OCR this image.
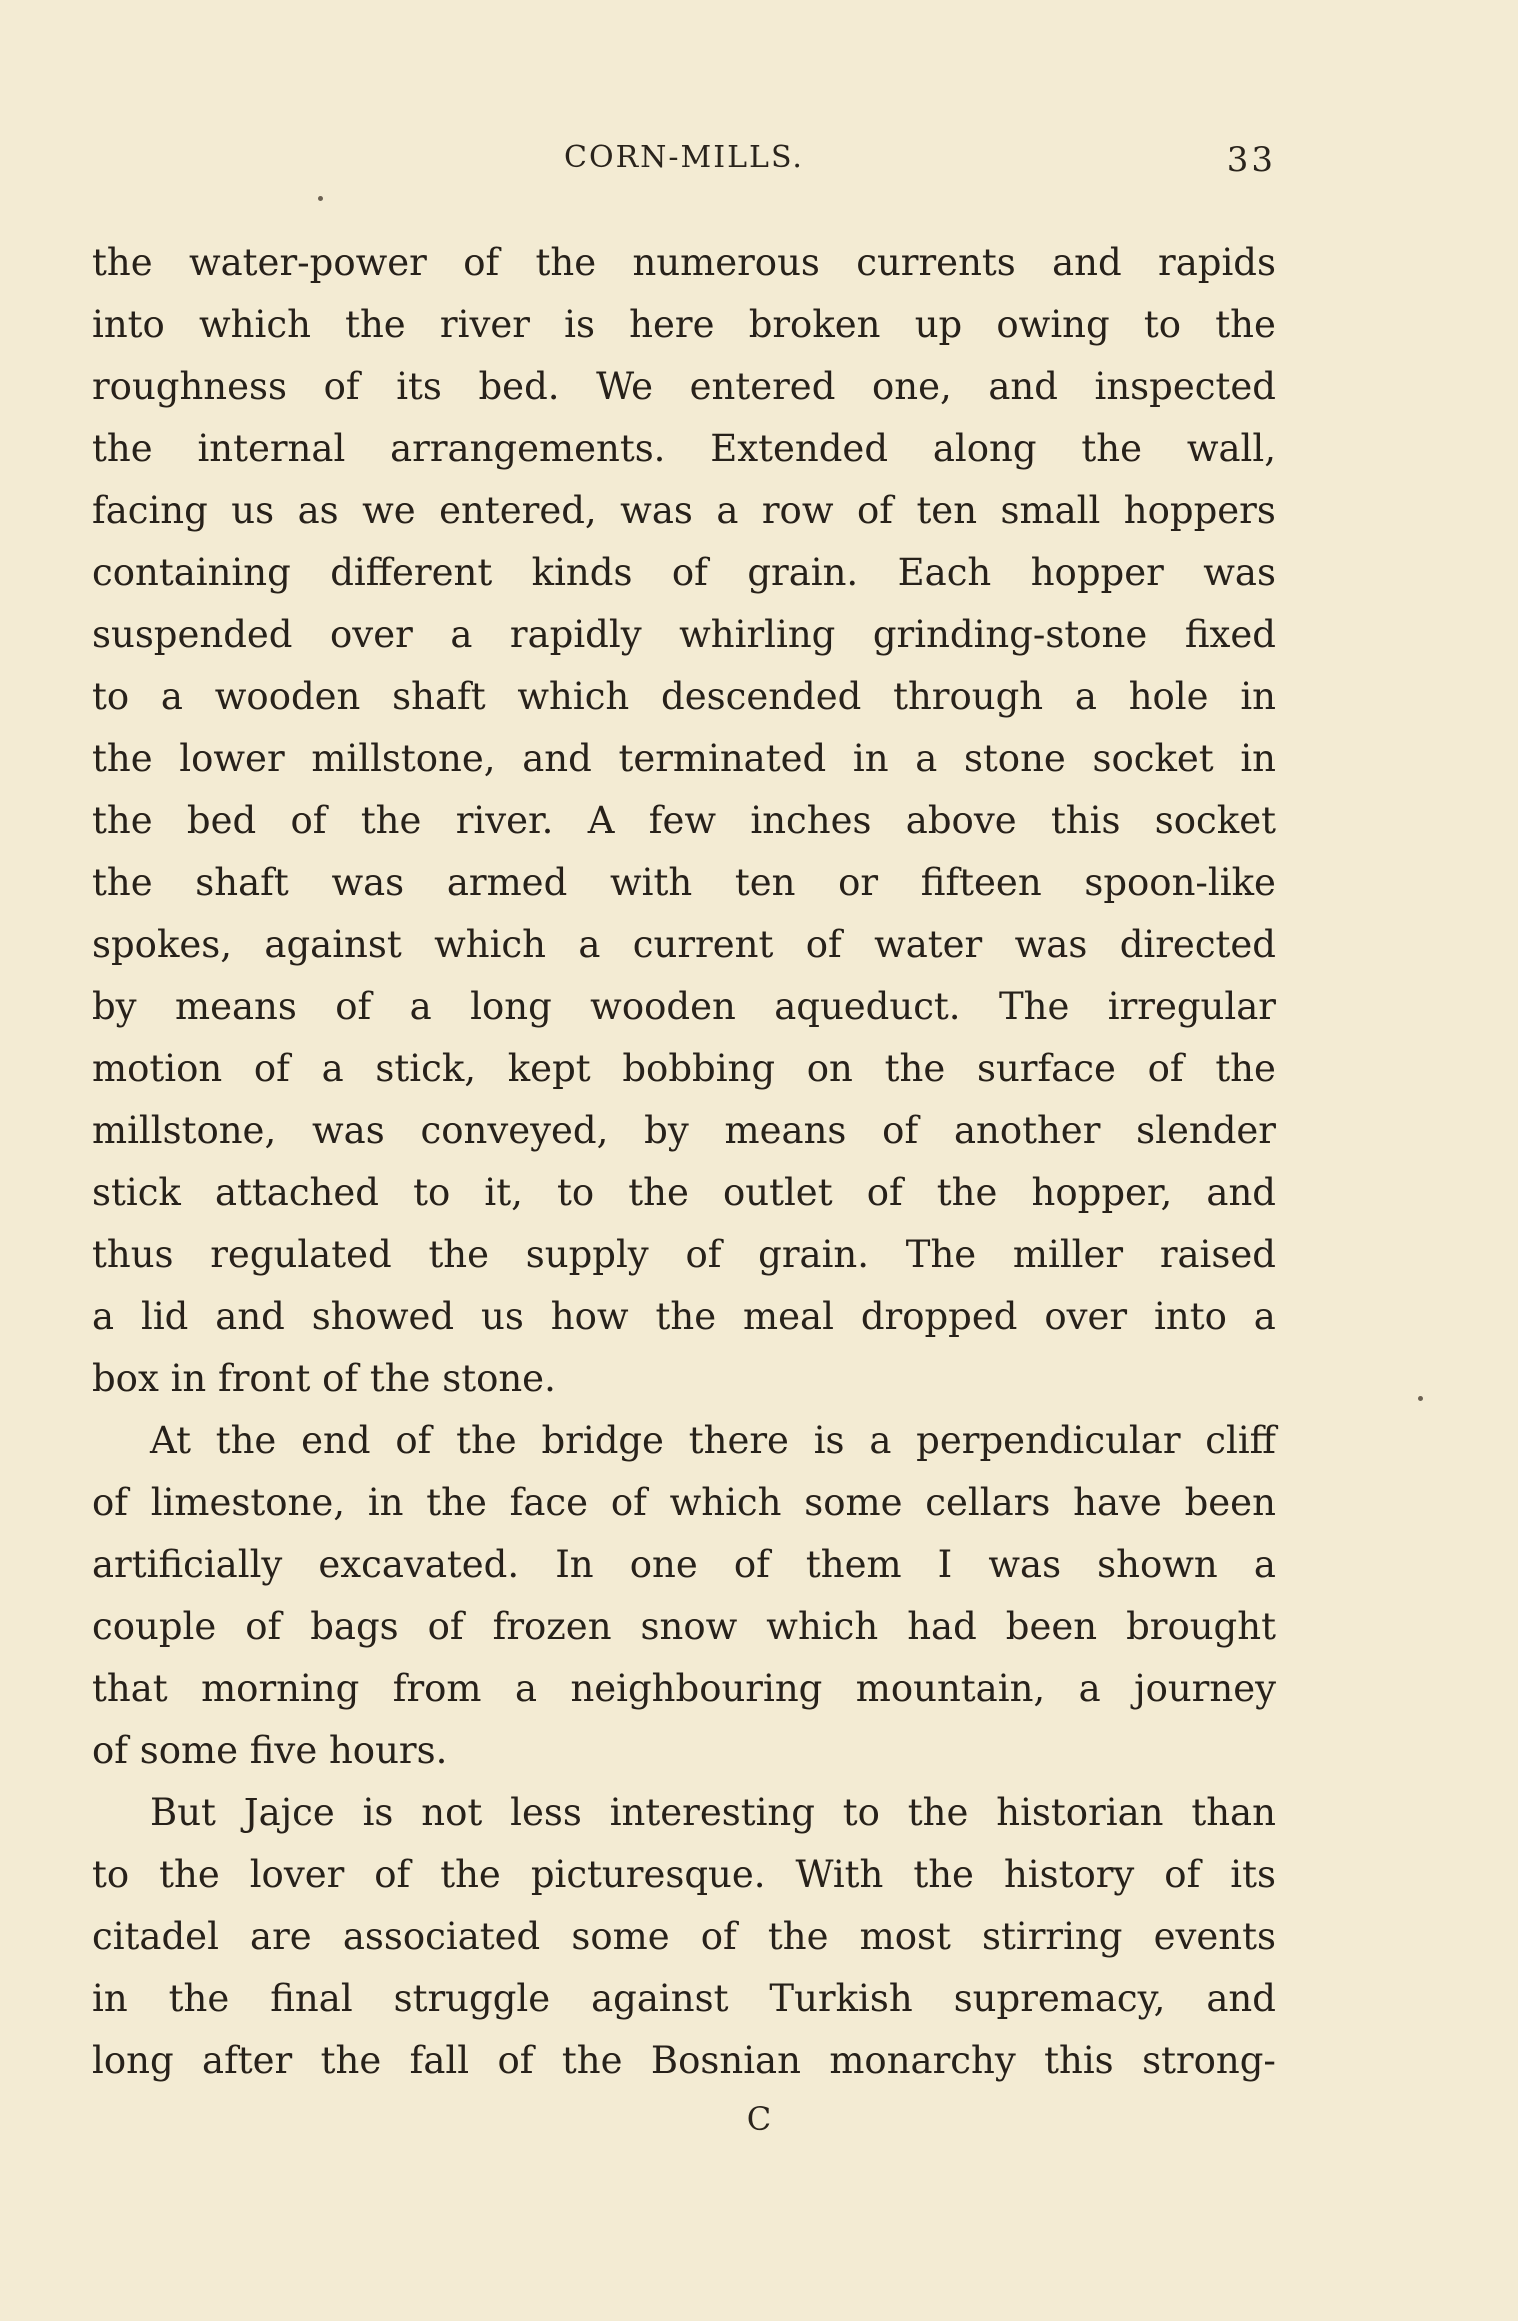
CORN-MILLS.	33
the water-power of the numerous currents and rapids
into which the river is here broken up owing to the
roughness of its bed. We entered one, and inspected
the internal arrangements. Extended along the wall,
facing us as we entered, was a row of ten small hoppers
containing different kinds of grain. Each hopper was
suspended over a rapidly whirling grinding-stone fixed
to a wooden shaft which descended through a hole in
the lower millstone, and terminated in a stone socket in
the bed of the river. A few inches above this socket
the shaft was armed with ten or fifteen spoon-like
spokes, against which a current of water was directed
by means of a long wooden aqueduct. The irregular
motion of a stick, kept bobbing on the surface of the
millstone, was conveyed, by means of another slender
stick attached to it, to the outlet of the hopper, and
thus regulated the supply of grain. The miller raised
a lid and showed us how the meal dropped over into a
box in front of the stone.
At the end of the bridge there is a perpendicular cliff
of limestone, in the face of which some cellars have been
artificially excavated. In one of them I was shown a
couple of bags of frozen snow which had been brought
that morning from a neighbouring mountain, a journey
of some five hours.
But Jajce is not less interesting to the historian than
to the lover of the picturesque. With the history of its
citadel are associated some of the most stirring events
in the final struggle against Turkish supremacy, and
long after the fall of the Bosnian monarchy this strong-
C
